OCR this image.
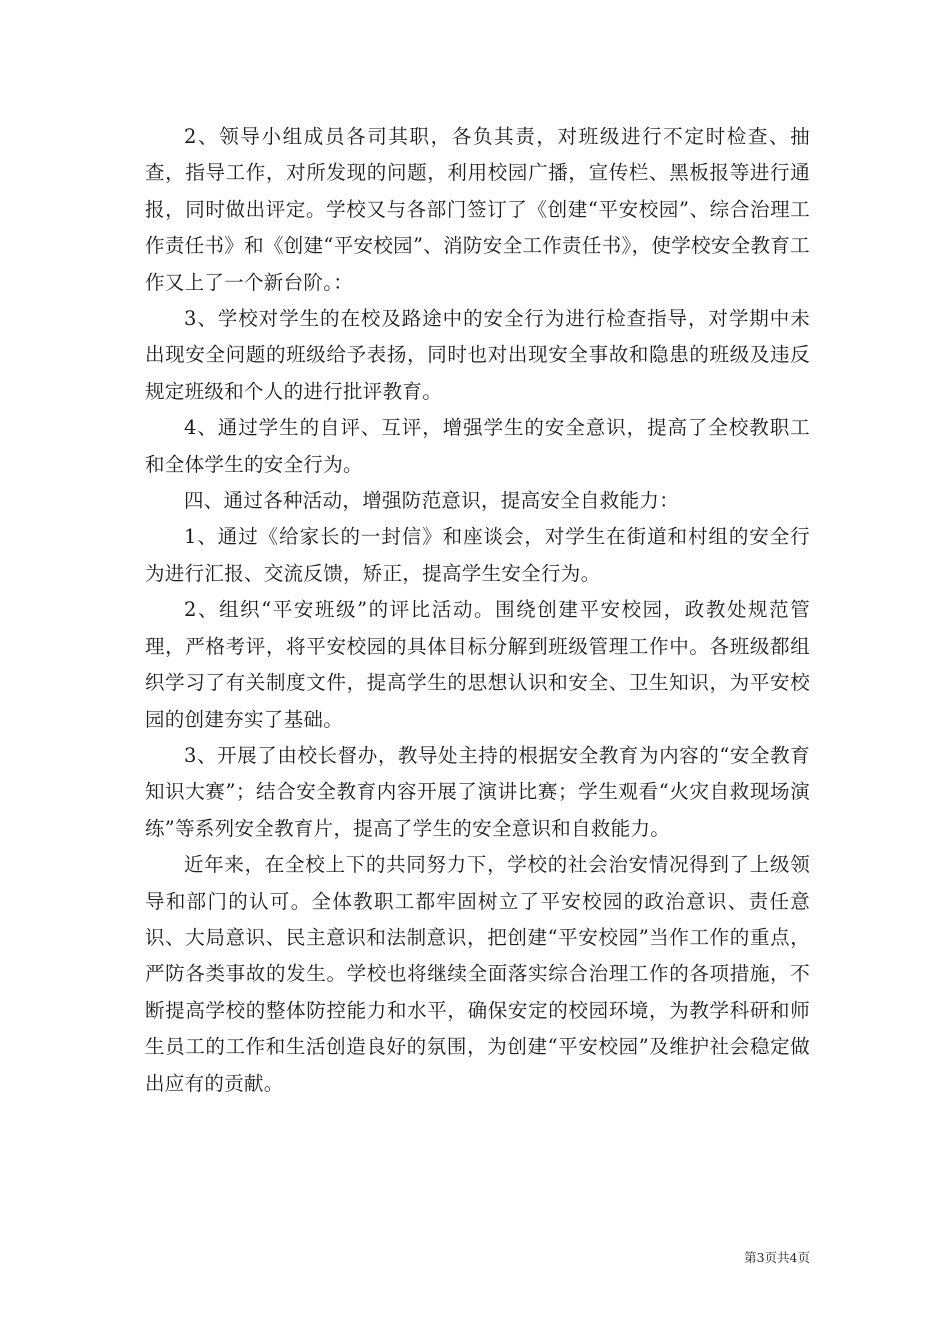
2、领导小组成员各司其职，各负其责，对班级进行不定时检查、抽查，指导工作，对所发现的问题，利用校园广播，宣传栏、黑板报等进行通报，同时做出评定。学校又与各部门签订了《创建“平安校园”、综合治理工作责任书》和《创建“平安校园”、消防安全工作责任书》，使学校安全教育工作又上了一个新台阶。：

3、学校对学生的在校及路途中的安全行为进行检查指导，对学期中未出现安全问题的班级给予表扬，同时也对出现安全事故和隐患的班级及违反规定班级和个人的进行批评教育。

4、通过学生的自评、互评，增强学生的安全意识，提高了全校教职工和全体学生的安全行为。

四、通过各种活动，增强防范意识，提高安全自救能力：

1、通过《给家长的一封信》和座谈会，对学生在街道和村组的安全行为进行汇报、交流反馈，矫正，提高学生安全行为。

2、组织“平安班级”的评比活动。围绕创建平安校园，政教处规范管理，严格考评，将平安校园的具体目标分解到班级管理工作中。各班级都组织学习了有关制度文件，提高学生的思想认识和安全、卫生知识，为平安校园的创建夯实了基础。

3、开展了由校长督办，教导处主持的根据安全教育为内容的“安全教育知识大赛”；结合安全教育内容开展了演讲比赛；学生观看“火灾自救现场演练”等系列安全教育片，提高了学生的安全意识和自救能力。

近年来，在全校上下的共同努力下，学校的社会治安情况得到了上级领导和部门的认可。全体教职工都牢固树立了平安校园的政治意识、责任意识、大局意识、民主意识和法制意识，把创建“平安校园”当作工作的重点，严防各类事故的发生。学校也将继续全面落实综合治理工作的各项措施，不断提高学校的整体防控能力和水平，确保安定的校园环境，为教学科研和师生员工的工作和生活创造良好的氛围，为创建“平安校园”及维护社会稳定做出应有的贡献。

第3页共4页
